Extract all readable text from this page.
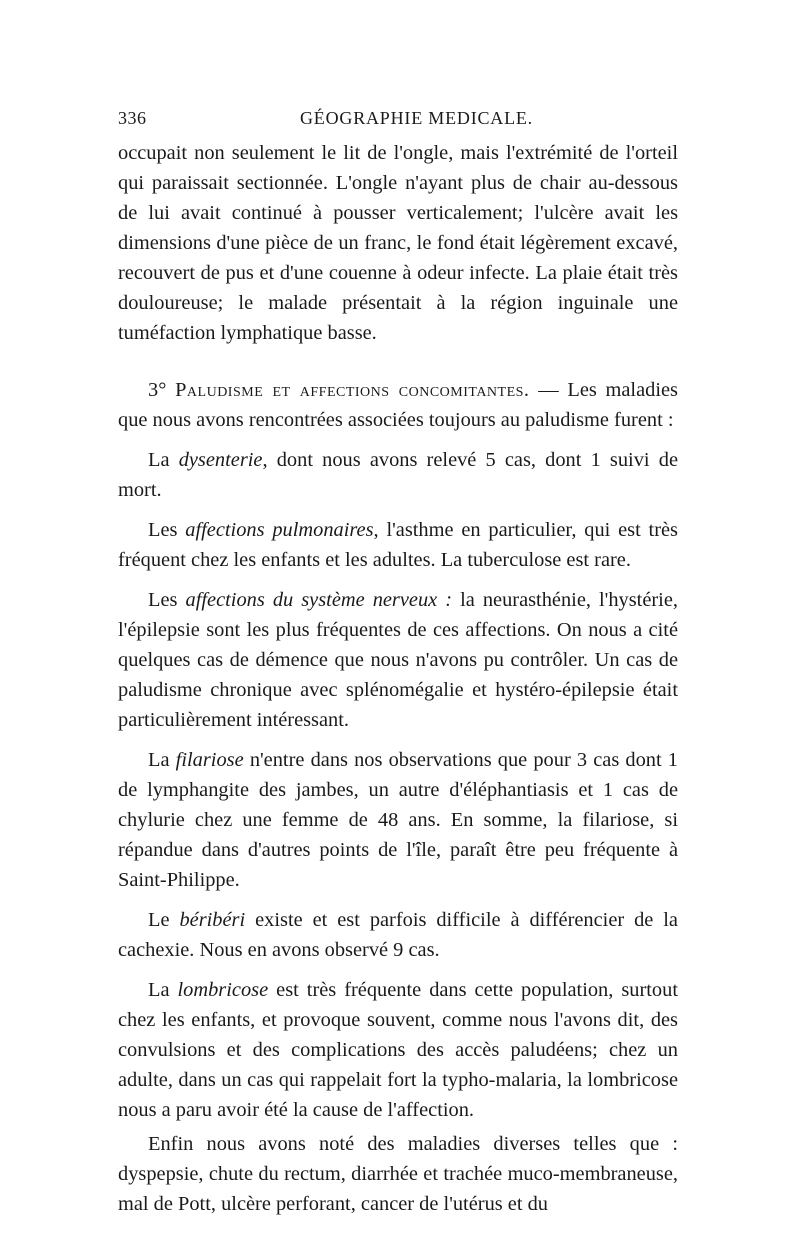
336	GÉOGRAPHIE MEDICALE.

occupait non seulement le lit de l'ongle, mais l'extrémité de l'orteil qui paraissait sectionnée. L'ongle n'ayant plus de chair au-dessous de lui avait continué à pousser verticalement; l'ulcère avait les dimensions d'une pièce de un franc, le fond était légèrement excavé, recouvert de pus et d'une couenne à odeur infecte. La plaie était très douloureuse; le malade présentait à la région inguinale une tuméfaction lymphatique basse.

3° Paludisme et affections concomitantes. — Les maladies que nous avons rencontrées associées toujours au paludisme furent :

La dysenterie, dont nous avons relevé 5 cas, dont 1 suivi de mort.

Les affections pulmonaires, l'asthme en particulier, qui est très fréquent chez les enfants et les adultes. La tuberculose est rare.

Les affections du système nerveux : la neurasthénie, l'hystérie, l'épilepsie sont les plus fréquentes de ces affections. On nous a cité quelques cas de démence que nous n'avons pu contrôler. Un cas de paludisme chronique avec splénomégalie et hystéro-épilepsie était particulièrement intéressant.

La filariose n'entre dans nos observations que pour 3 cas dont 1 de lymphangite des jambes, un autre d'éléphantiasis et 1 cas de chylurie chez une femme de 48 ans. En somme, la filariose, si répandue dans d'autres points de l'île, paraît être peu fréquente à Saint-Philippe.

Le béribéri existe et est parfois difficile à différencier de la cachexie. Nous en avons observé 9 cas.

La lombricose est très fréquente dans cette population, surtout chez les enfants, et provoque souvent, comme nous l'avons dit, des convulsions et des complications des accès paludéens; chez un adulte, dans un cas qui rappelait fort la typho-malaria, la lombricose nous a paru avoir été la cause de l'affection.

Enfin nous avons noté des maladies diverses telles que : dyspepsie, chute du rectum, diarrhée et trachée muco-membraneuse, mal de Pott, ulcère perforant, cancer de l'utérus et du
